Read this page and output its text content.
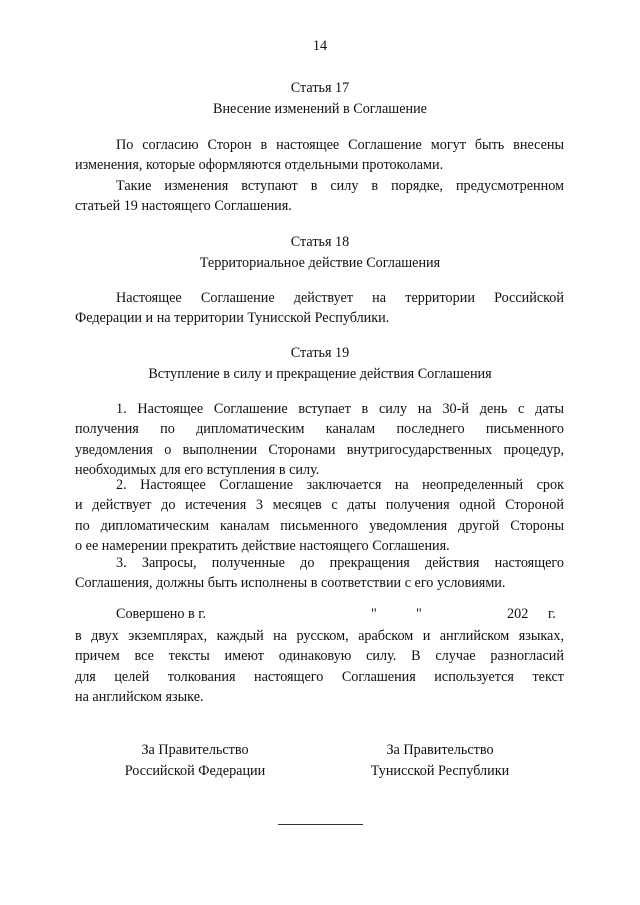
14
Статья 17
Внесение изменений в Соглашение
По согласию Сторон в настоящее Соглашение могут быть внесены
изменения, которые оформляются отдельными протоколами.
Такие изменения вступают в силу в порядке, предусмотренном
статьей 19 настоящего Соглашения.
Статья 18
Территориальное действие Соглашения
Настоящее Соглашение действует на территории Российской
Федерации и на территории Тунисской Республики.
Статья 19
Вступление в силу и прекращение действия Соглашения
1. Настоящее Соглашение вступает в силу на 30-й день с даты
получения по дипломатическим каналам последнего письменного
уведомления о выполнении Сторонами внутригосударственных процедур,
необходимых для его вступления в силу.
2. Настоящее Соглашение заключается на неопределенный срок
и действует до истечения 3 месяцев с даты получения одной Стороной
по дипломатическим каналам письменного уведомления другой Стороны
о ее намерении прекратить действие настоящего Соглашения.
3. Запросы, полученные до прекращения действия настоящего
Соглашения, должны быть исполнены в соответствии с его условиями.
Совершено в г.	"	"	202 г.
в двух экземплярах, каждый на русском, арабском и английском языках,
причем все тексты имеют одинаковую силу. В случае разногласий
для целей толкования настоящего Соглашения используется текст
на английском языке.
За Правительство
Российской Федерации
За Правительство
Тунисской Республики
